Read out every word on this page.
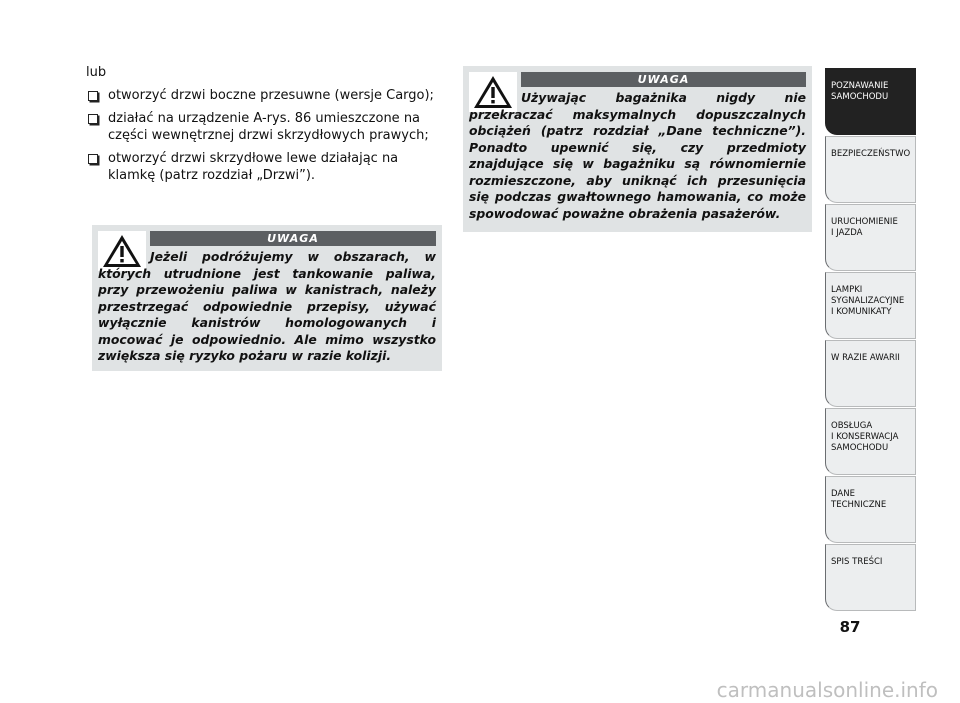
lub

otworzyć drzwi boczne przesuwne (wersje Cargo);
działać na urządzenie A-rys. 86 umieszczone na części wewnętrznej drzwi skrzydłowych prawych;
otworzyć drzwi skrzydłowe lewe działając na klamkę (patrz rozdział „Drzwi”).
UWAGA
Jeżeli podróżujemy w obszarach, w których utrudnione jest tankowanie paliwa, przy przewożeniu paliwa w kanistrach, należy przestrzegać odpowiednie przepisy, używać wyłącznie kanistrów homologowanych i mocować je odpowiednio. Ale mimo wszystko zwiększa się ryzyko pożaru w razie kolizji.
UWAGA
Używając bagażnika nigdy nie przekraczać maksymalnych dopuszczalnych obciążeń (patrz rozdział „Dane techniczne”). Ponadto upewnić się, czy przedmioty znajdujące się w bagażniku są równomiernie rozmieszczone, aby uniknąć ich przesunięcia się podczas gwałtownego hamowania, co może spowodować poważne obrażenia pasażerów.
POZNAWANIE
SAMOCHODU
BEZPIECZEŃSTWO
URUCHOMIENIE
I JAZDA
LAMPKI
SYGNALIZACYJNE
I KOMUNIKATY
W RAZIE AWARII
OBSŁUGA
I KONSERWACJA
SAMOCHODU
DANE
TECHNICZNE
SPIS TREŚCI
87
carmanualsonline.info
